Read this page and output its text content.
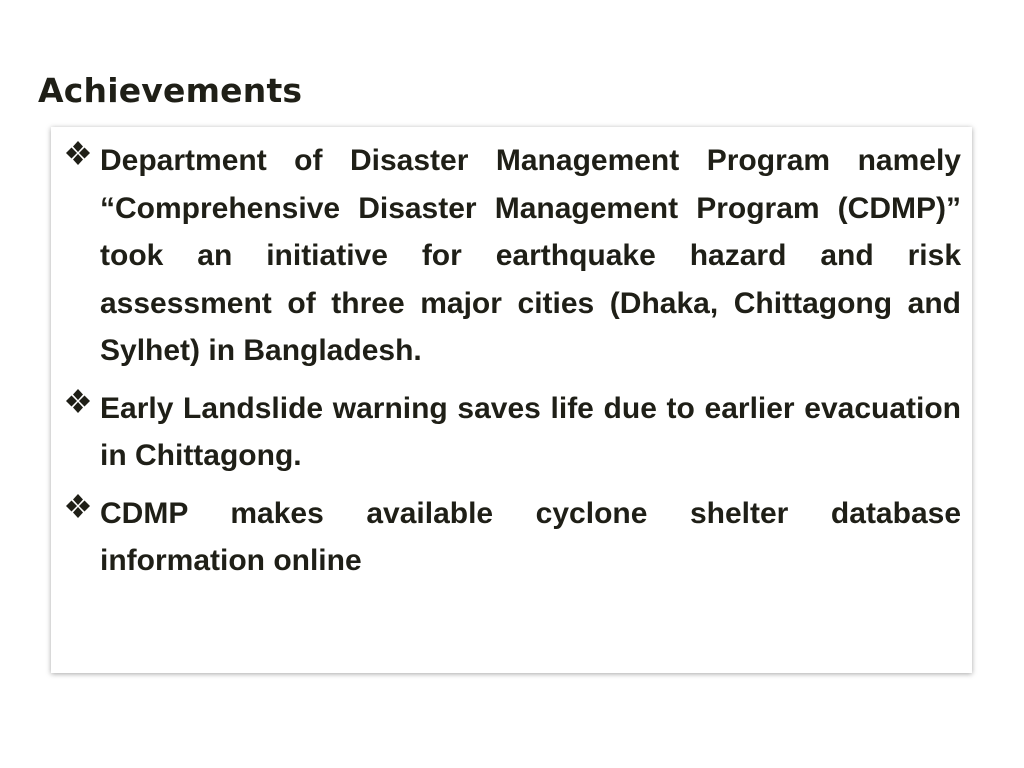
Achievements
Department of Disaster Management Program namely “Comprehensive Disaster Management Program (CDMP)” took an initiative for earthquake hazard and risk assessment of three major cities (Dhaka, Chittagong and Sylhet) in Bangladesh.
Early Landslide warning saves life due to earlier evacuation in Chittagong.
CDMP makes available cyclone shelter database information online
